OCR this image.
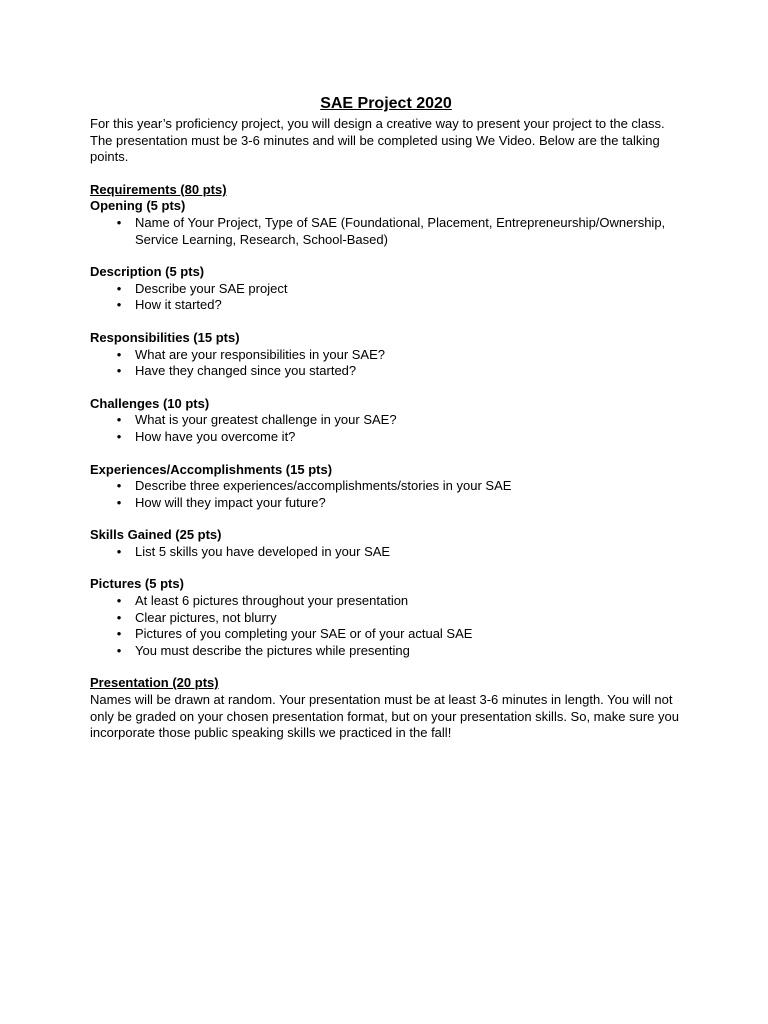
SAE Project 2020

For this year’s proficiency project, you will design a creative way to present your project to the class. The presentation must be 3-6 minutes and will be completed using We Video. Below are the talking points.

Requirements (80 pts)

Opening (5 pts)

• Name of Your Project, Type of SAE (Foundational, Placement, Entrepreneurship/Ownership, Service Learning, Research, School-Based)

Description (5 pts)

• Describe your SAE project
• How it started?

Responsibilities (15 pts)

• What are your responsibilities in your SAE?
• Have they changed since you started?

Challenges (10 pts)

• What is your greatest challenge in your SAE?
• How have you overcome it?

Experiences/Accomplishments (15 pts)

• Describe three experiences/accomplishments/stories in your SAE
• How will they impact your future?

Skills Gained (25 pts)

• List 5 skills you have developed in your SAE

Pictures (5 pts)

• At least 6 pictures throughout your presentation
• Clear pictures, not blurry
• Pictures of you completing your SAE or of your actual SAE
• You must describe the pictures while presenting

Presentation (20 pts)

Names will be drawn at random. Your presentation must be at least 3-6 minutes in length. You will not only be graded on your chosen presentation format, but on your presentation skills. So, make sure you incorporate those public speaking skills we practiced in the fall!
